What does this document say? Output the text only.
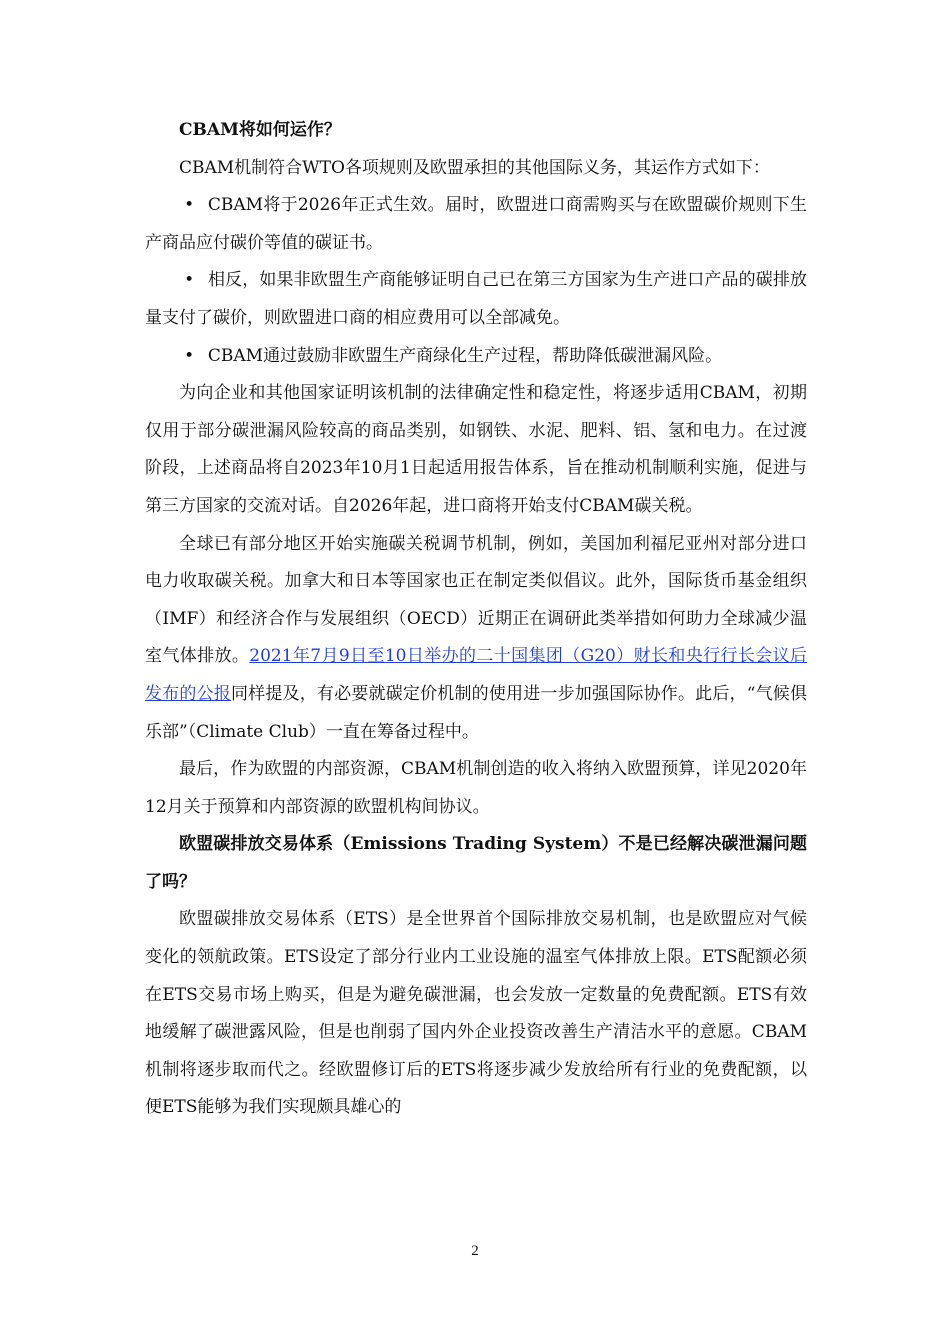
CBAM将如何运作？

CBAM机制符合WTO各项规则及欧盟承担的其他国际义务，其运作方式如下：

• CBAM将于2026年正式生效。届时，欧盟进口商需购买与在欧盟碳价规则下生产商品应付碳价等值的碳证书。

• 相反，如果非欧盟生产商能够证明自己已在第三方国家为生产进口产品的碳排放量支付了碳价，则欧盟进口商的相应费用可以全部减免。

• CBAM通过鼓励非欧盟生产商绿化生产过程，帮助降低碳泄漏风险。

为向企业和其他国家证明该机制的法律确定性和稳定性，将逐步适用CBAM，初期仅用于部分碳泄漏风险较高的商品类别，如钢铁、水泥、肥料、铝、氢和电力。在过渡阶段，上述商品将自2023年10月1日起适用报告体系，旨在推动机制顺利实施，促进与第三方国家的交流对话。自2026年起，进口商将开始支付CBAM碳关税。

全球已有部分地区开始实施碳关税调节机制，例如，美国加利福尼亚州对部分进口电力收取碳关税。加拿大和日本等国家也正在制定类似倡议。此外，国际货币基金组织（IMF）和经济合作与发展组织（OECD）近期正在调研此类举措如何助力全球减少温室气体排放。2021年7月9日至10日举办的二十国集团（G20）财长和央行行长会议后发布的公报同样提及，有必要就碳定价机制的使用进一步加强国际协作。此后，“气候俱乐部”（Climate Club）一直在筹备过程中。

最后，作为欧盟的内部资源，CBAM机制创造的收入将纳入欧盟预算，详见2020年12月关于预算和内部资源的欧盟机构间协议。

欧盟碳排放交易体系（Emissions Trading System）不是已经解决碳泄漏问题了吗？

欧盟碳排放交易体系（ETS）是全世界首个国际排放交易机制，也是欧盟应对气候变化的领航政策。ETS设定了部分行业内工业设施的温室气体排放上限。ETS配额必须在ETS交易市场上购买，但是为避免碳泄漏，也会发放一定数量的免费配额。ETS有效地缓解了碳泄露风险，但是也削弱了国内外企业投资改善生产清洁水平的意愿。CBAM机制将逐步取而代之。经欧盟修订后的ETS将逐步减少发放给所有行业的免费配额，以便ETS能够为我们实现颇具雄心的

2
